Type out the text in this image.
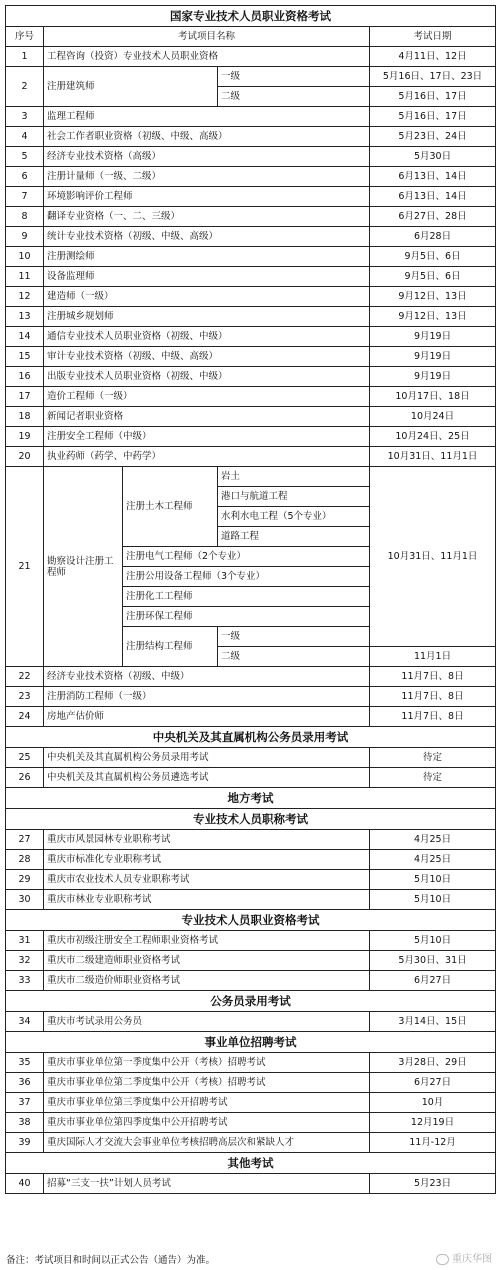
国家专业技术人员职业资格考试				
序号	考试项目名称			考试日期
1	工程咨询（投资）专业技术人员职业资格			4月11日、12日
2	注册建筑师		一级	5月16日、17日、23日
			二级	5月16日、17日
3	监理工程师			5月16日、17日
4	社会工作者职业资格（初级、中级、高级）			5月23日、24日
5	经济专业技术资格（高级）			5月30日
6	注册计量师（一级、二级）			6月13日、14日
7	环境影响评价工程师			6月13日、14日
8	翻译专业资格（一、二、三级）			6月27日、28日
9	统计专业技术资格（初级、中级、高级）			6月28日
10	注册测绘师			9月5日、6日
11	设备监理师			9月5日、6日
12	建造师（一级）			9月12日、13日
13	注册城乡规划师			9月12日、13日
14	通信专业技术人员职业资格（初级、中级）			9月19日
15	审计专业技术资格（初级、中级、高级）			9月19日
16	出版专业技术人员职业资格（初级、中级）			9月19日
17	造价工程师（一级）			10月17日、18日
18	新闻记者职业资格			10月24日
19	注册安全工程师（中级）			10月24日、25日
20	执业药师（药学、中药学）			10月31日、11月1日
21	勘察设计注册工程师	注册土木工程师	岩土	10月31日、11月1日
			港口与航道工程	
			水利水电工程（5个专业）	
			道路工程	
		注册电气工程师（2个专业）		
		注册公用设备工程师（3个专业）		
		注册化工工程师		
		注册环保工程师		
		注册结构工程师	一级	
			二级	11月1日

22	经济专业技术资格（初级、中级）			11月7日、8日
23	注册消防工程师（一级）			11月7日、8日
24	房地产估价师			11月7日、8日
中央机关及其直属机构公务员录用考试				
25	中央机关及其直属机构公务员录用考试			待定
26	中央机关及其直属机构公务员遴选考试			待定
地方考试				
专业技术人员职称考试				
27	重庆市风景园林专业职称考试			4月25日
28	重庆市标准化专业职称考试			4月25日
29	重庆市农业技术人员专业职称考试			5月10日
30	重庆市林业专业职称考试			5月10日
专业技术人员职业资格考试				
31	重庆市初级注册安全工程师职业资格考试			5月10日
32	重庆市二级建造师职业资格考试			5月30日、31日
33	重庆市二级造价师职业资格考试			6月27日
公务员录用考试				
34	重庆市考试录用公务员			3月14日、15日
事业单位招聘考试				
35	重庆市事业单位第一季度集中公开（考核）招聘考试			3月28日、29日
36	重庆市事业单位第二季度集中公开（考核）招聘考试			6月27日
37	重庆市事业单位第三季度集中公开招聘考试			10月
38	重庆市事业单位第四季度集中公开招聘考试			12月19日
39	重庆国际人才交流大会事业单位考核招聘高层次和紧缺人才			11月-12月
其他考试				
40	招募“三支一扶”计划人员考试			5月23日
备注：考试项目和时间以正式公告（通告）为准。	重庆华图
